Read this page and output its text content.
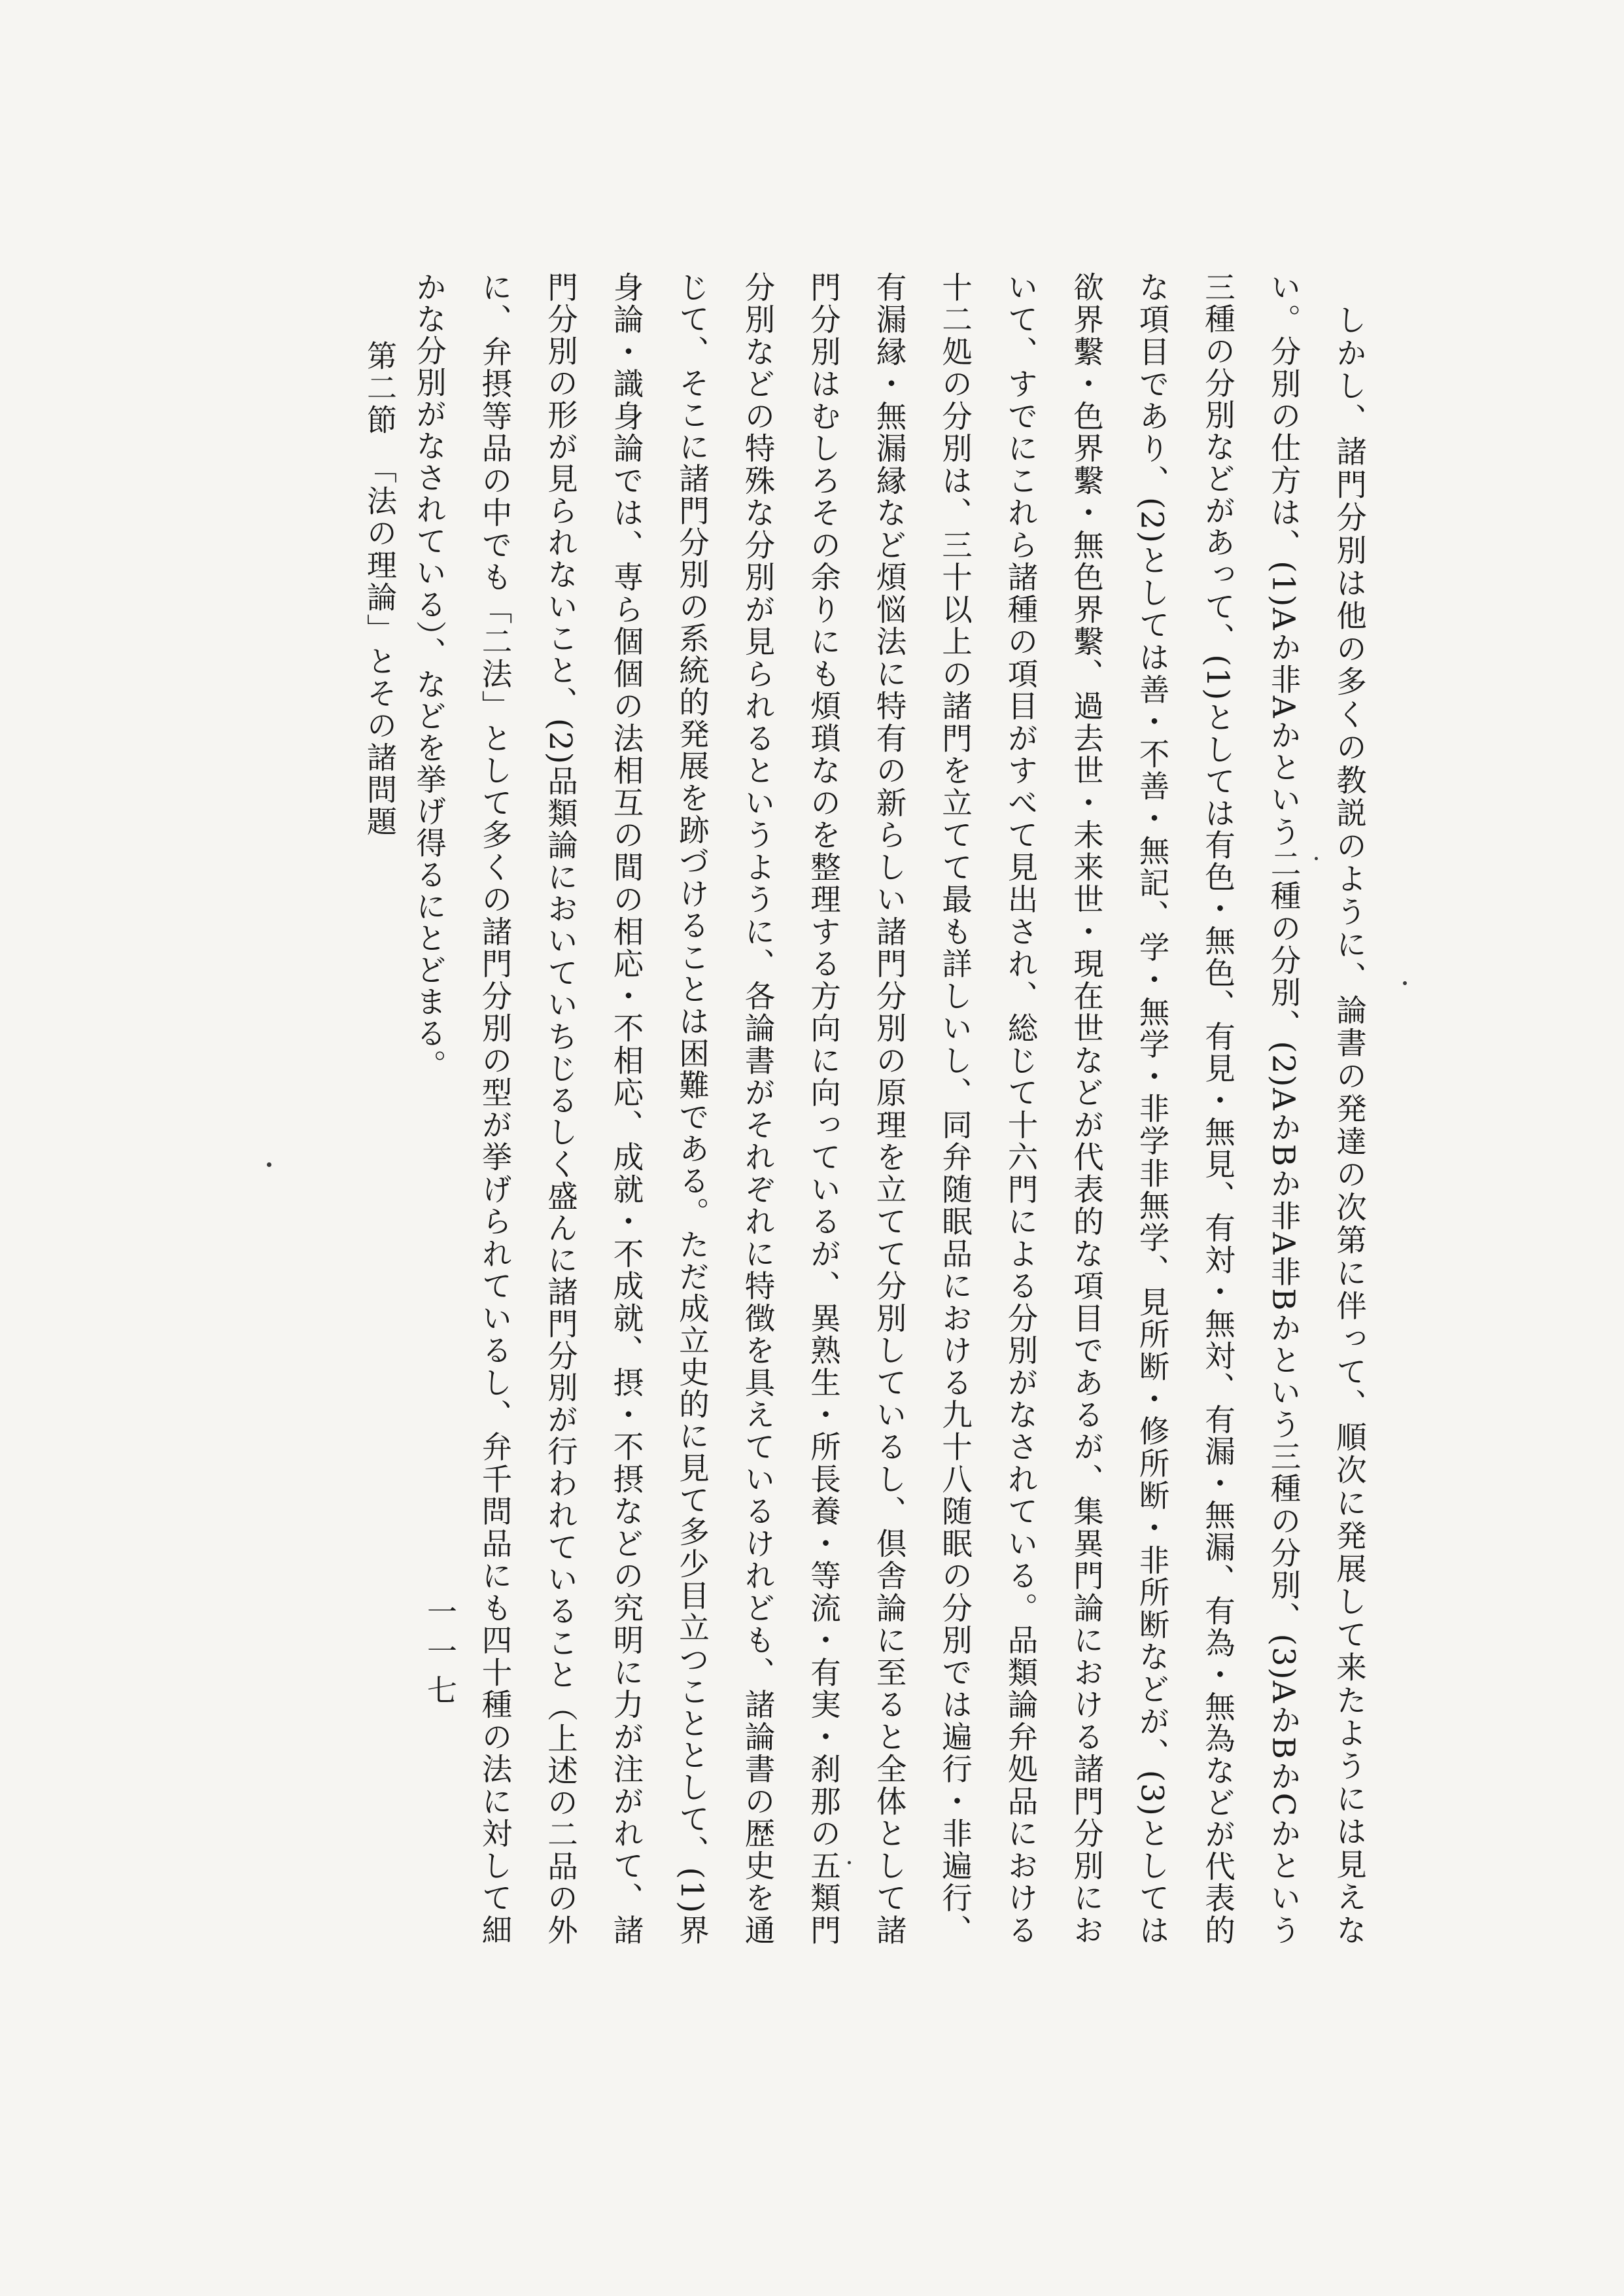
　しかし、諸門分別は他の多くの教説のように、論書の発達の次第に伴って、順次に発展して来たようには見えない。分別の仕方は、(1)Aか非Aかという二種の分別、(2)AかBか非A非Bかという三種の分別、(3)AかBかCかという三種の分別などがあって、(1)としては有色・無色、有見・無見、有対・無対、有漏・無漏、有為・無為などが代表的な項目であり、(2)としては善・不善・無記、学・無学・非学非無学、見所断・修所断・非所断などが、(3)としては欲界繫・色界繫・無色界繫、過去世・未来世・現在世などが代表的な項目であるが、集異門論における諸門分別において、すでにこれら諸種の項目がすべて見出され、総じて十六門による分別がなされている。品類論弁処品における十二処の分別は、三十以上の諸門を立てて最も詳しいし、同弁随眠品における九十八随眠の分別では遍行・非遍行、有漏縁・無漏縁など煩悩法に特有の新らしい諸門分別の原理を立てて分別しているし、倶舎論に至ると全体として諸門分別はむしろその余りにも煩瑣なのを整理する方向に向っているが、異熟生・所長養・等流・有実・刹那の五類門分別などの特殊な分別が見られるというように、各論書がそれぞれに特徴を具えているけれども、諸論書の歴史を通じて、そこに諸門分別の系統的発展を跡づけることは困難である。ただ成立史的に見て多少目立つこととして、(1)界身論・識身論では、専ら個個の法相互の間の相応・不相応、成就・不成就、摂・不摂などの究明に力が注がれて、諸門分別の形が見られないこと、(2)品類論においていちじるしく盛んに諸門分別が行われていること（上述の二品の外に、弁摂等品の中でも「二法」として多くの諸門分別の型が挙げられているし、弁千問品にも四十種の法に対して細かな分別がなされている）、などを挙げ得るにとどまる。
第二節　「法の理論」とその諸問題
一一七
